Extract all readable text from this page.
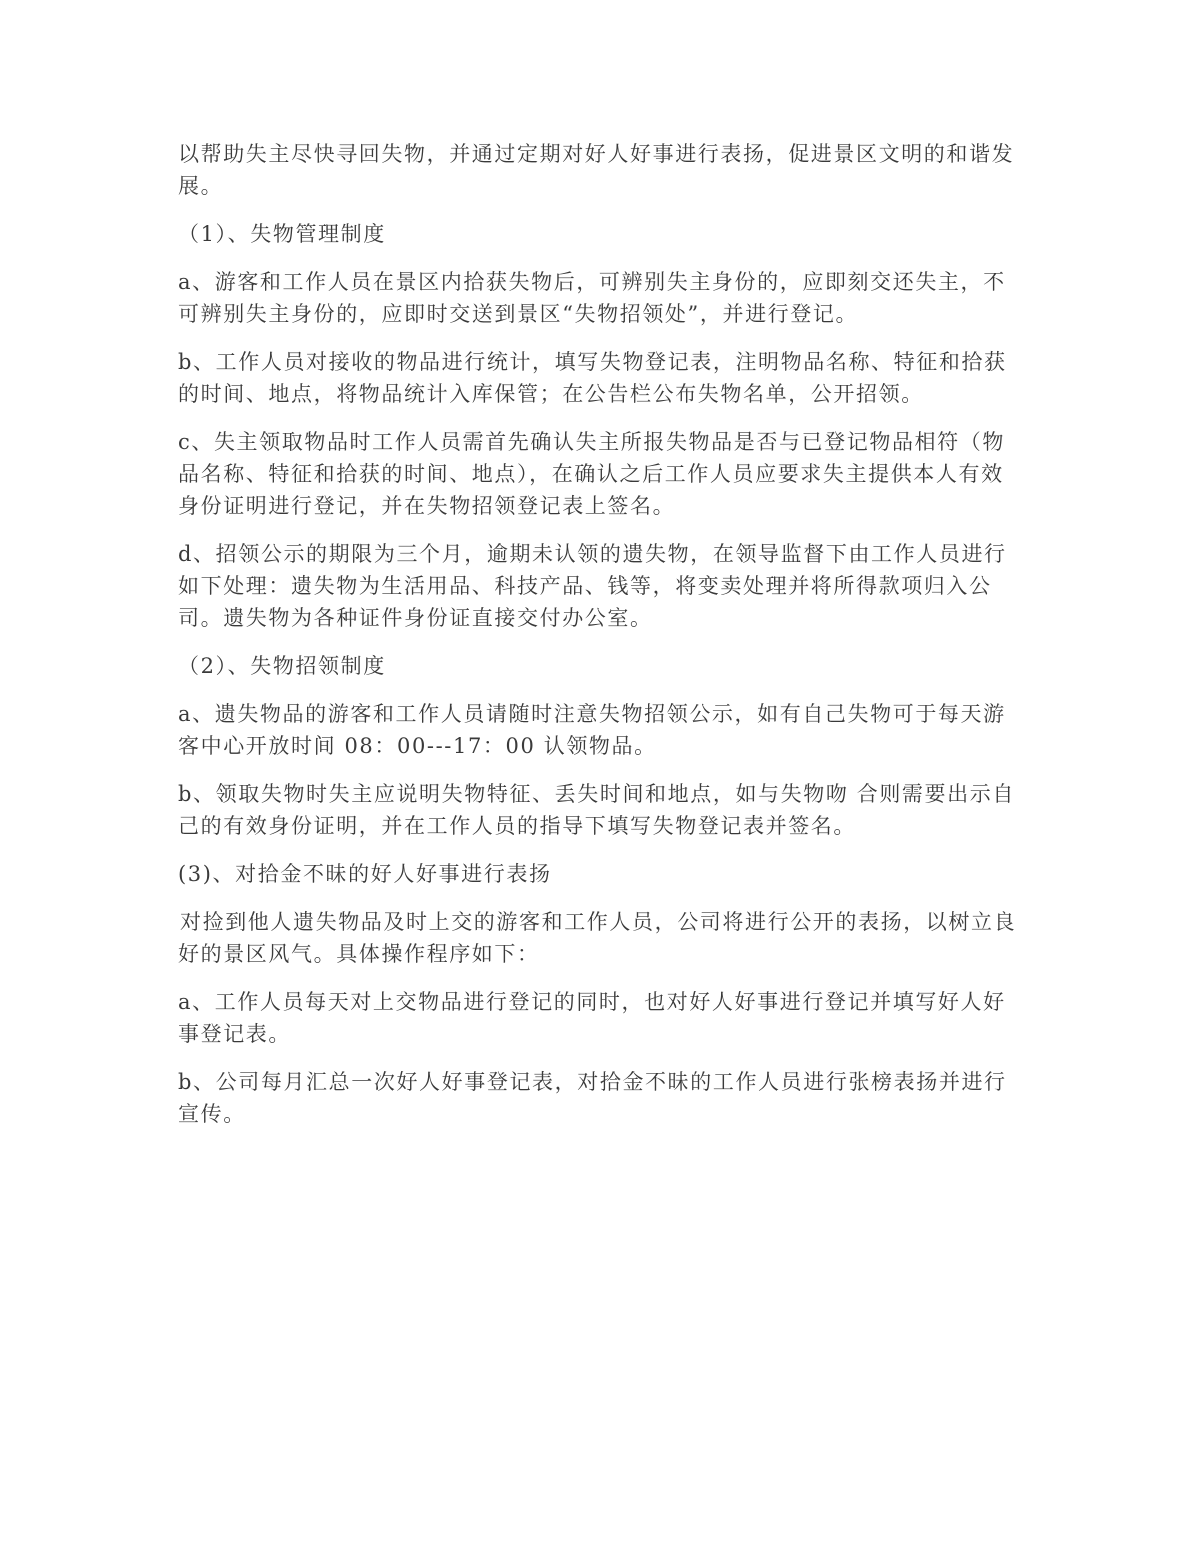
以帮助失主尽快寻回失物，并通过定期对好人好事进行表扬，促进景区文明的和谐发展。

（1）、失物管理制度

a、游客和工作人员在景区内拾获失物后，可辨别失主身份的，应即刻交还失主，不可辨别失主身份的，应即时交送到景区“失物招领处”，并进行登记。

b、工作人员对接收的物品进行统计，填写失物登记表，注明物品名称、特征和拾获的时间、地点，将物品统计入库保管；在公告栏公布失物名单，公开招领。

c、失主领取物品时工作人员需首先确认失主所报失物品是否与已登记物品相符（物品名称、特征和拾获的时间、地点），在确认之后工作人员应要求失主提供本人有效身份证明进行登记，并在失物招领登记表上签名。

d、招领公示的期限为三个月，逾期未认领的遗失物，在领导监督下由工作人员进行如下处理：遗失物为生活用品、科技产品、钱等，将变卖处理并将所得款项归入公司。遗失物为各种证件身份证直接交付办公室。

（2）、失物招领制度

a、遗失物品的游客和工作人员请随时注意失物招领公示，如有自己失物可于每天游客中心开放时间 08：00---17：00 认领物品。

b、领取失物时失主应说明失物特征、丢失时间和地点，如与失物吻 合则需要出示自己的有效身份证明，并在工作人员的指导下填写失物登记表并签名。

(3)、对拾金不昧的好人好事进行表扬

对捡到他人遗失物品及时上交的游客和工作人员，公司将进行公开的表扬，以树立良好的景区风气。具体操作程序如下：

a、工作人员每天对上交物品进行登记的同时，也对好人好事进行登记并填写好人好事登记表。

b、公司每月汇总一次好人好事登记表，对拾金不昧的工作人员进行张榜表扬并进行宣传。
